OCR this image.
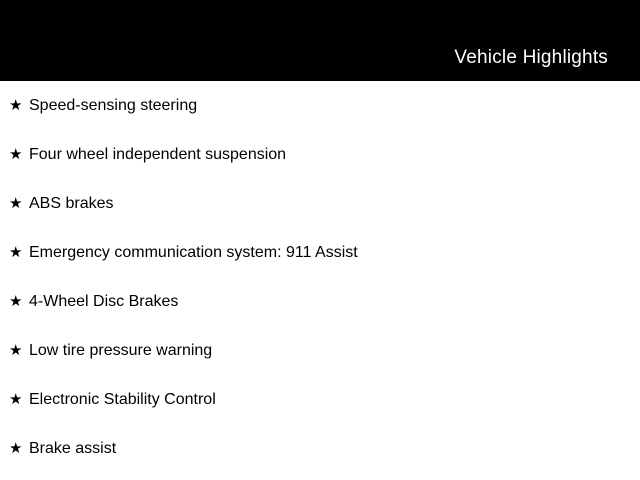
Vehicle Highlights
★ Speed-sensing steering
★ Four wheel independent suspension
★ ABS brakes
★ Emergency communication system: 911 Assist
★ 4-Wheel Disc Brakes
★ Low tire pressure warning
★ Electronic Stability Control
★ Brake assist
